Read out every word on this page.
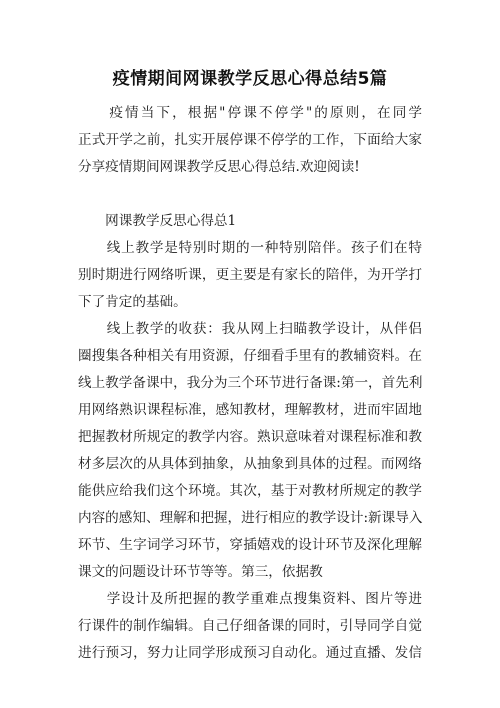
疫情期间网课教学反思心得总结5篇
　　疫情当下，根据"停课不停学"的原则，在同学
正式开学之前，扎实开展停课不停学的工作，下面给大家
分享疫情期间网课教学反思心得总结.欢迎阅读!
　　网课教学反思心得总1
　　线上教学是特别时期的一种特别陪伴。孩子们在特
别时期进行网络听课，更主要是有家长的陪伴，为开学打
下了肯定的基础。
　　线上教学的收获：我从网上扫瞄教学设计，从伴侣
圈搜集各种相关有用资源，仔细看手里有的教辅资料。在
线上教学备课中，我分为三个环节进行备课:第一，首先利
用网络熟识课程标准，感知教材，理解教材，进而牢固地
把握教材所规定的教学内容。熟识意味着对课程标准和教
材多层次的从具体到抽象，从抽象到具体的过程。而网络
能供应给我们这个环境。其次，基于对教材所规定的教学
内容的感知、理解和把握，进行相应的教学设计:新课导入
环节、生字词学习环节，穿插嬉戏的设计环节及深化理解
课文的问题设计环节等等。第三，依据教
　　学设计及所把握的教学重难点搜集资料、图片等进
行课件的制作编辑。自己仔细备课的同时，引导同学自觉
进行预习，努力让同学形成预习自动化。通过直播、发信
